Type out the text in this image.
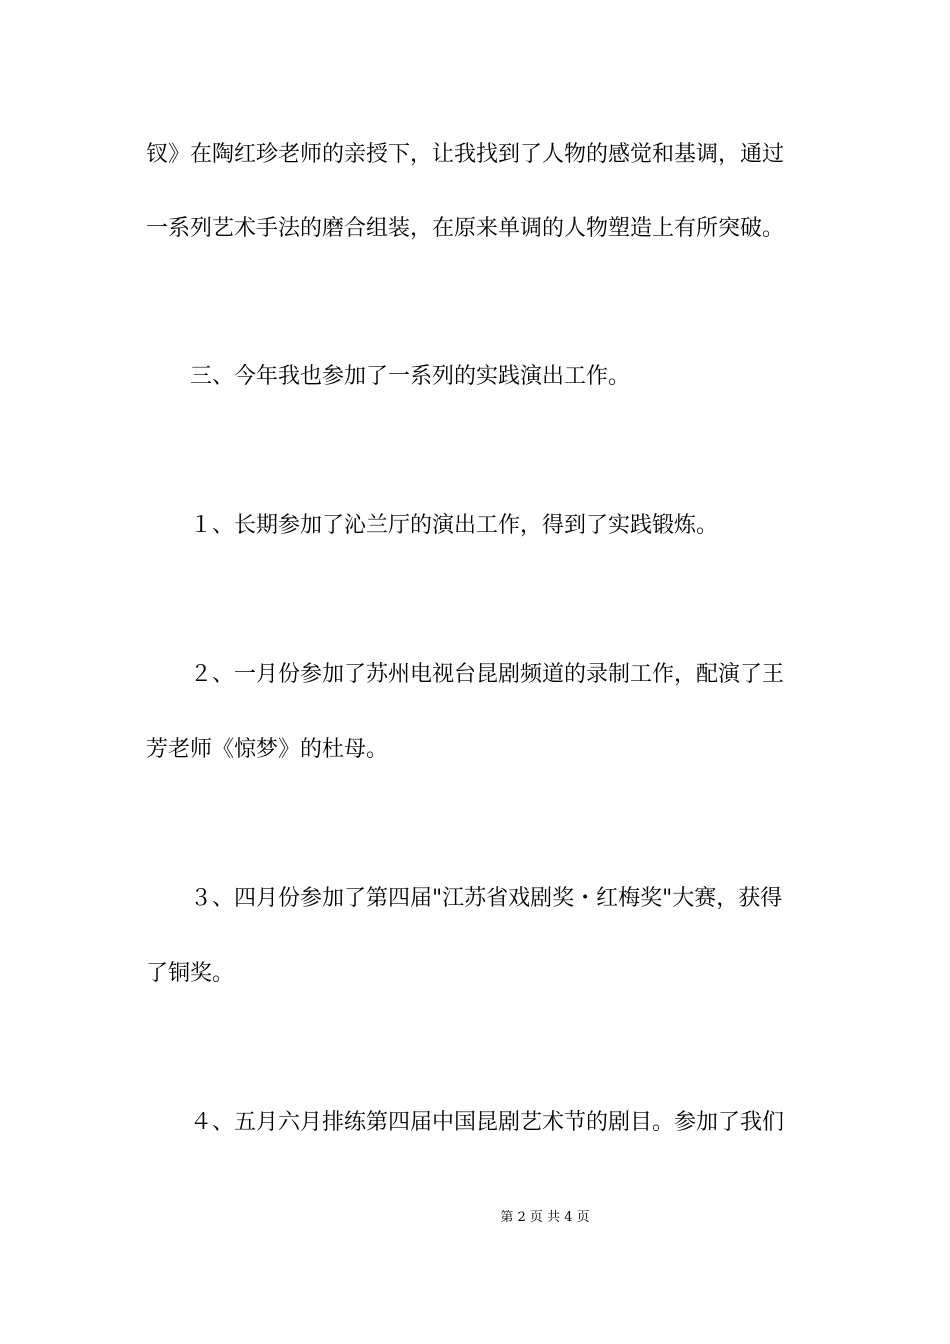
钗》在陶红珍老师的亲授下，让我找到了人物的感觉和基调，通过
一系列艺术手法的磨合组装，在原来单调的人物塑造上有所突破。
三、今年我也参加了一系列的实践演出工作。
１、长期参加了沁兰厅的演出工作，得到了实践锻炼。
２、一月份参加了苏州电视台昆剧频道的录制工作，配演了王
芳老师《惊梦》的杜母。
３、四月份参加了第四届"江苏省戏剧奖・红梅奖"大赛，获得
了铜奖。
４、五月六月排练第四届中国昆剧艺术节的剧目。参加了我们
第 2 页 共 4 页
